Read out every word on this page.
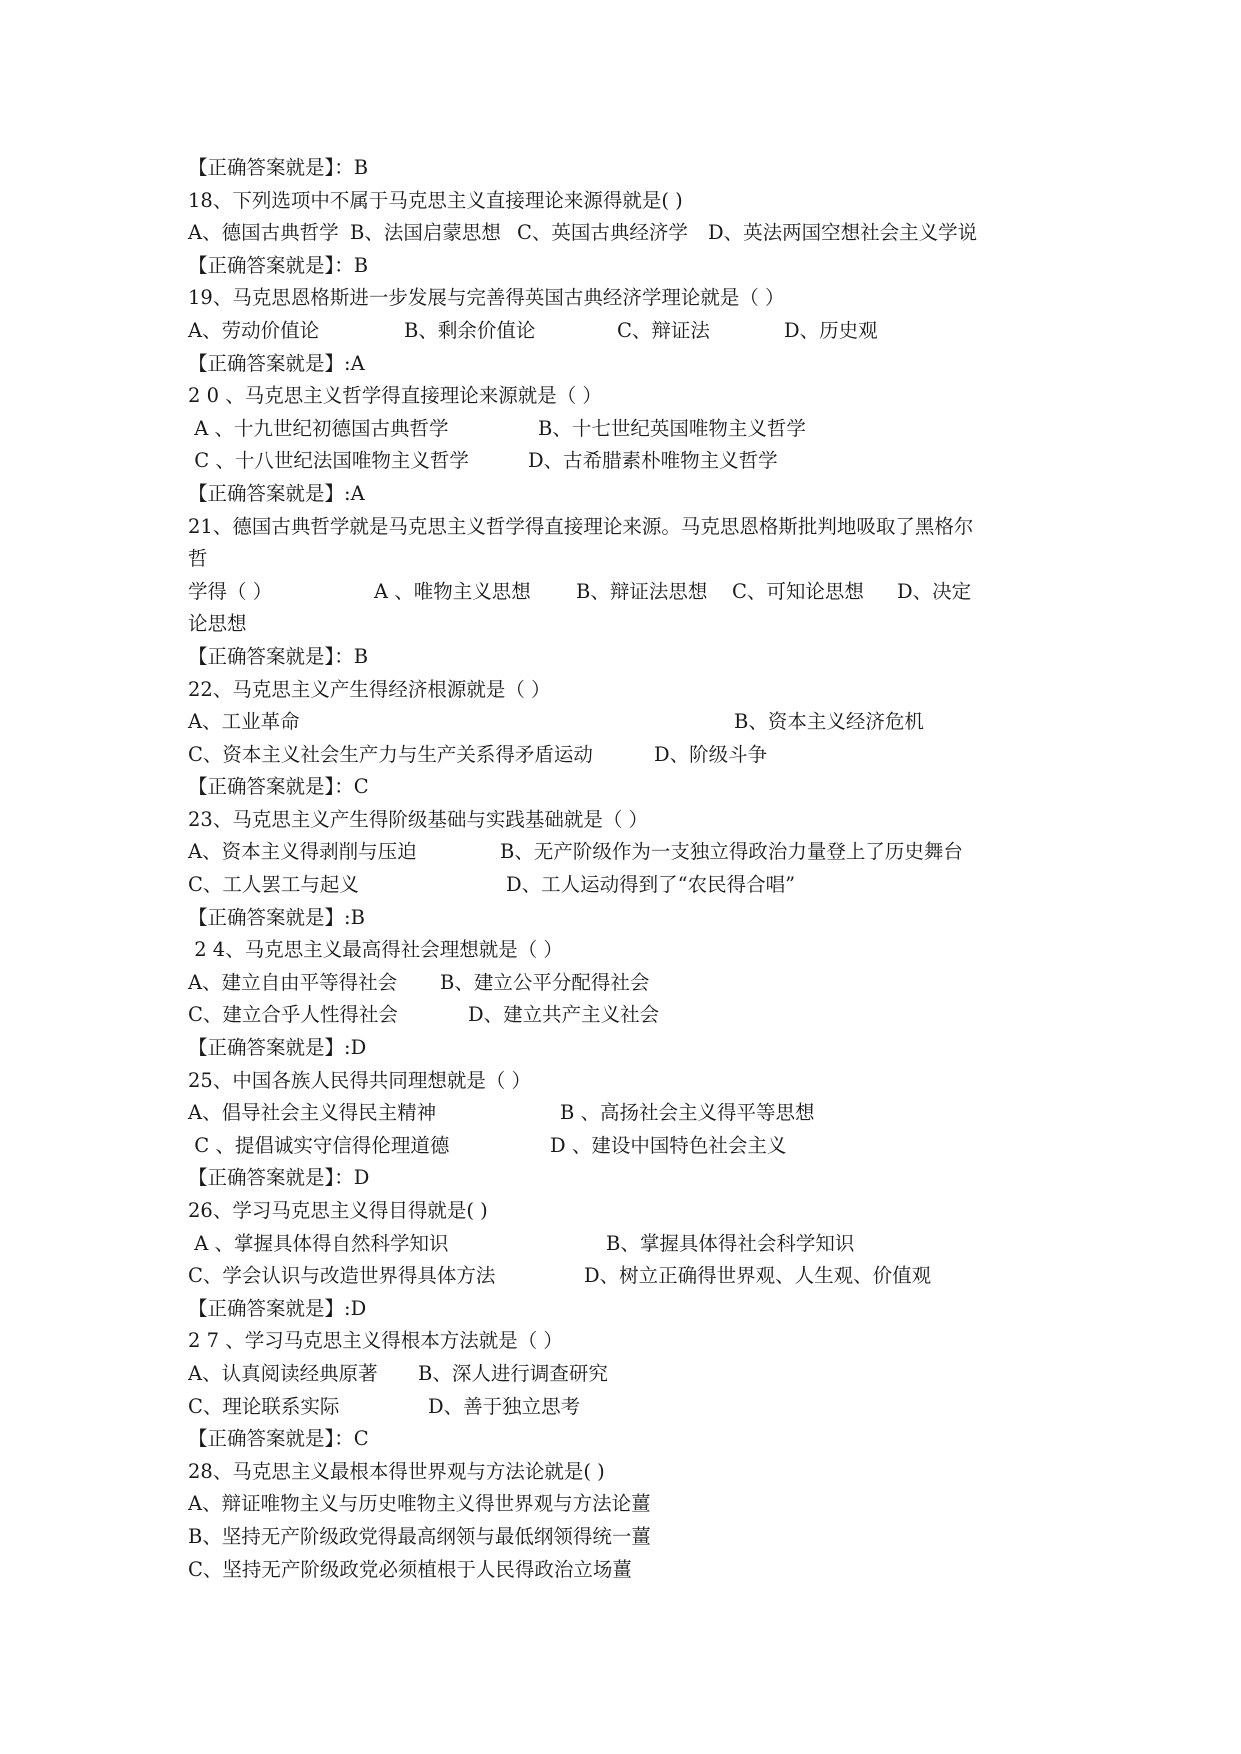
【正确答案就是】：B
18、下列选项中不属于马克思主义直接理论来源得就是( )
A、德国古典哲学 B、法国启蒙思想 C、英国古典经济学 D、英法两国空想社会主义学说
【正确答案就是】：B
19、马克思恩格斯进一步发展与完善得英国古典经济学理论就是（ ）
A、劳动价值论	B、剩余价值论	C、辩证法	D、历史观
【正确答案就是】:A
2 0 、马克思主义哲学得直接理论来源就是（ ）
A 、十九世纪初德国古典哲学	B、十七世纪英国唯物主义哲学
C 、十八世纪法国唯物主义哲学	D、古希腊素朴唯物主义哲学
【正确答案就是】:A
21、德国古典哲学就是马克思主义哲学得直接理论来源。马克思恩格斯批判地吸取了黑格尔
哲
学得（ ）	A 、唯物主义思想 B、辩证法思想 C、可知论思想 D、决定
论思想
【正确答案就是】：B
22、马克思主义产生得经济根源就是（ ）
A、工业革命	B、资本主义经济危机
C、资本主义社会生产力与生产关系得矛盾运动	D、阶级斗争
【正确答案就是】：C
23、马克思主义产生得阶级基础与实践基础就是（ ）
A、资本主义得剥削与压迫	B、无产阶级作为一支独立得政治力量登上了历史舞台
C、工人罢工与起义	D、工人运动得到了“农民得合唱”
【正确答案就是】:B
2 4、马克思主义最高得社会理想就是（ ）
A、建立自由平等得社会 B、建立公平分配得社会
C、建立合乎人性得社会	D、建立共产主义社会
【正确答案就是】:D
25、中国各族人民得共同理想就是（ ）
A、倡导社会主义得民主精神	B 、高扬社会主义得平等思想
C 、提倡诚实守信得伦理道德	D 、建设中国特色社会主义
【正确答案就是】：D
26、学习马克思主义得目得就是( )
A 、掌握具体得自然科学知识	B、掌握具体得社会科学知识
C、学会认识与改造世界得具体方法	D、树立正确得世界观、人生观、价值观
【正确答案就是】:D
2 7 、学习马克思主义得根本方法就是（ ）
A、认真阅读经典原著 B、深人进行调查研究
C、理论联系实际	D、善于独立思考
【正确答案就是】：C
28、马克思主义最根本得世界观与方法论就是( )
A、辩证唯物主义与历史唯物主义得世界观与方法论薑
B、坚持无产阶级政党得最高纲领与最低纲领得统一薑
C、坚持无产阶级政党必须植根于人民得政治立场薑
